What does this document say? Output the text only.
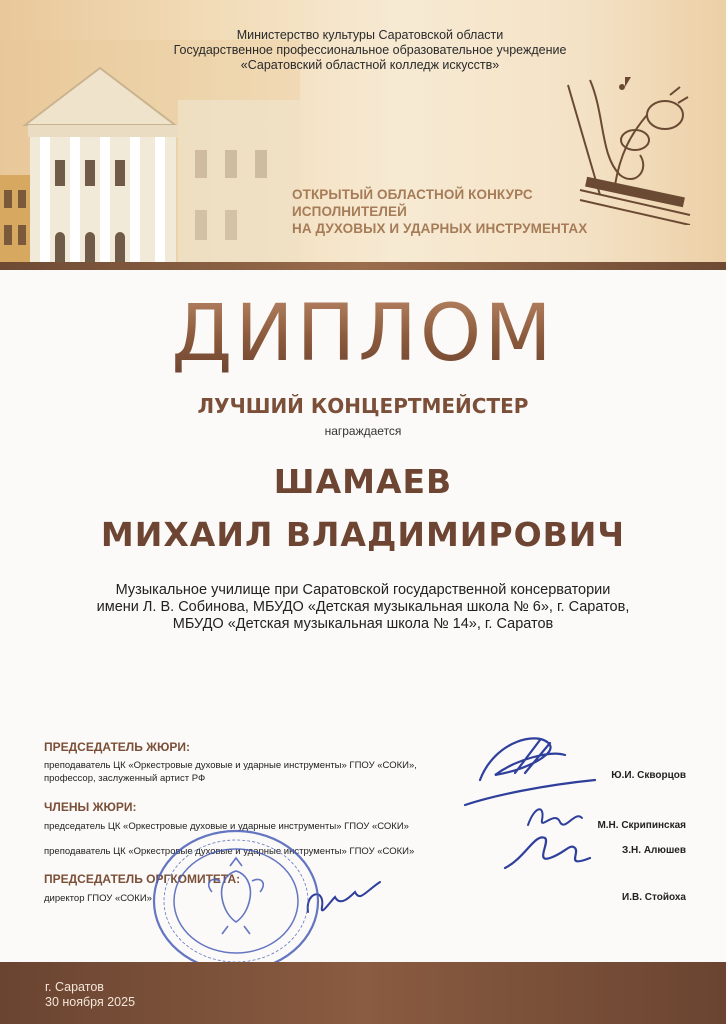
Министерство культуры Саратовской области
Государственное профессиональное образовательное учреждение
«Саратовский областной колледж искусств»
ОТКРЫТЫЙ ОБЛАСТНОЙ КОНКУРС
ИСПОЛНИТЕЛЕЙ
НА ДУХОВЫХ И УДАРНЫХ ИНСТРУМЕНТАХ
ДИПЛОМ
ЛУЧШИЙ КОНЦЕРТМЕЙСТЕР
награждается
ШАМАЕВ
МИХАИЛ ВЛАДИМИРОВИЧ
Музыкальное училище при Саратовской государственной консерватории
имени Л. В. Собинова, МБУДО «Детская музыкальная школа № 6», г. Саратов,
МБУДО «Детская музыкальная школа № 14», г. Саратов
ПРЕДСЕДАТЕЛЬ ЖЮРИ:
преподаватель ЦК «Оркестровые духовые и ударные инструменты» ГПОУ «СОКИ»,
профессор, заслуженный артист РФ	Ю.И. Скворцов
ЧЛЕНЫ ЖЮРИ:
председатель ЦК «Оркестровые духовые и ударные инструменты» ГПОУ «СОКИ»	М.Н. Скрипинская
преподаватель ЦК «Оркестровые духовые и ударные инструменты» ГПОУ «СОКИ»	З.Н. Алюшев
ПРЕДСЕДАТЕЛЬ ОРГКОМИТЕТА:
директор ГПОУ «СОКИ»	И.В. Стойоха
г. Саратов
30 ноября 2025
